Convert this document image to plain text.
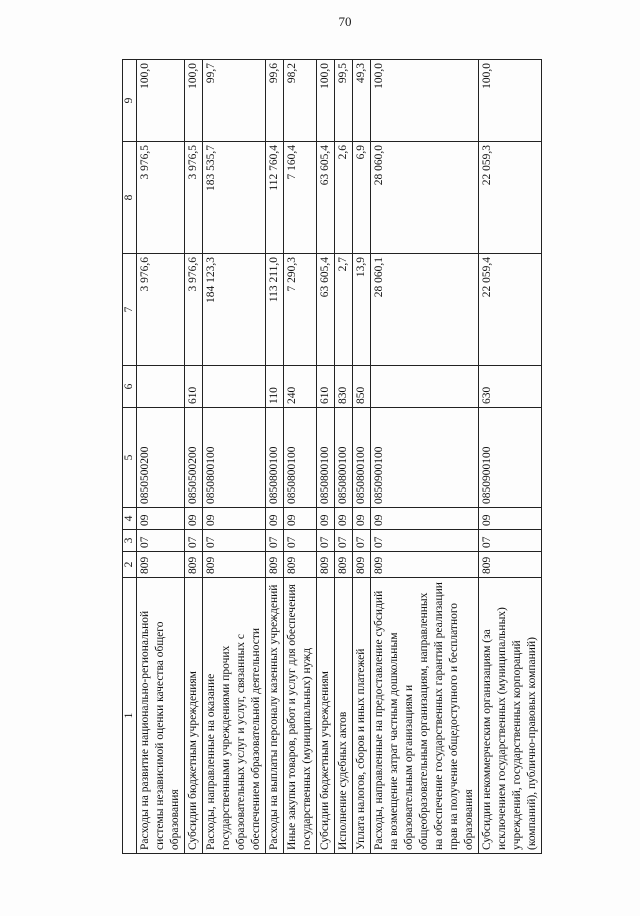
70
1	2	3	4	5	6	7	8	9
Расходы на развитие национально-региональной системы независимой оценки качества общего образования	809	07	09	0850500200		3 976,6	3 976,5	100,0
Субсидии бюджетным учреждениям	809	07	09	0850500200	610	3 976,6	3 976,5	100,0
Расходы, направленные на оказание государственными учреждениями прочих образовательных услуг и услуг, связанных с обеспечением образовательной деятельности	809	07	09	0850800100		184 123,3	183 535,7	99,7
Расходы на выплаты персоналу казенных учреждений	809	07	09	0850800100	110	113 211,0	112 760,4	99,6
Иные закупки товаров, работ и услуг для обеспечения государственных (муниципальных) нужд	809	07	09	0850800100	240	7 290,3	7 160,4	98,2
Субсидии бюджетным учреждениям	809	07	09	0850800100	610	63 605,4	63 605,4	100,0
Исполнение судебных актов	809	07	09	0850800100	830	2,7	2,6	99,5
Уплата налогов, сборов и иных платежей	809	07	09	0850800100	850	13,9	6,9	49,3
Расходы, направленные на предоставление субсидий на возмещение затрат частным дошкольным образовательным организациям и общеобразовательным организациям, направленных на обеспечение государственных гарантий реализации прав на получение общедоступного и бесплатного образования	809	07	09	0850900100		28 060,1	28 060,0	100,0
Субсидии некоммерческим организациям (за исключением государственных (муниципальных) учреждений, государственных корпораций (компаний), публично-правовых компаний)	809	07	09	0850900100	630	22 059,4	22 059,3	100,0
